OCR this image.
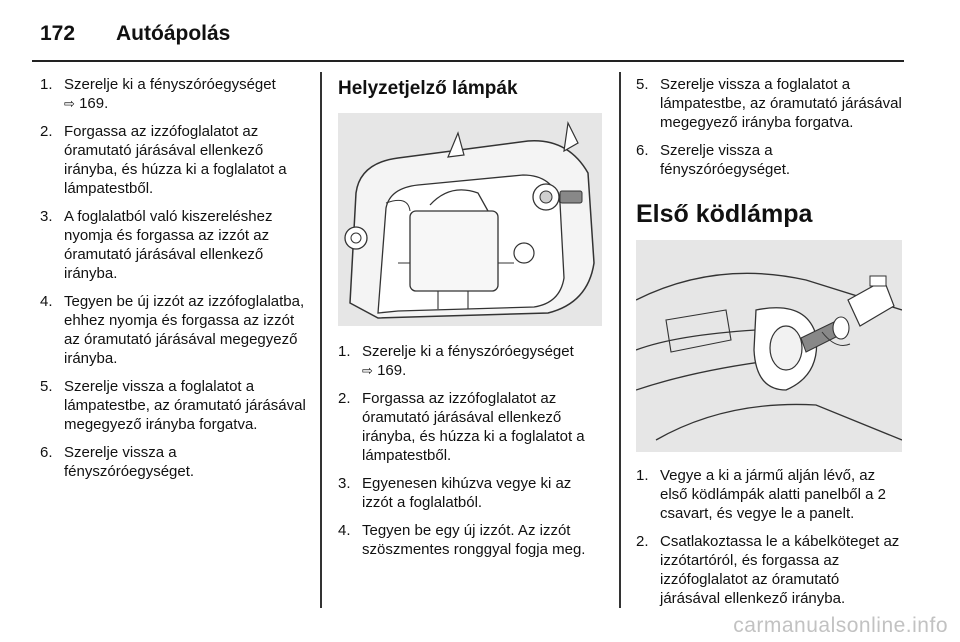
172	Autóápolás
1. Szerelje ki a fényszóróegységet
⇨ 169.
2. Forgassa az izzófoglalatot az óramutató járásával ellenkező irányba, és húzza ki a foglalatot a lámpatestből.
3. A foglalatból való kiszereléshez nyomja és forgassa az izzót az óramutató járásával ellenkező irányba.
4. Tegyen be új izzót az izzófoglalatba, ehhez nyomja és forgassa az izzót az óramutató járásával megegyező irányba.
5. Szerelje vissza a foglalatot a lámpatestbe, az óramutató járásával megegyező irányba forgatva.
6. Szerelje vissza a fényszóróegységet.
Helyzetjelző lámpák
1. Szerelje ki a fényszóróegységet
⇨ 169.
2. Forgassa az izzófoglalatot az óramutató járásával ellenkező irányba, és húzza ki a foglalatot a lámpatestből.
3. Egyenesen kihúzva vegye ki az izzót a foglalatból.
4. Tegyen be egy új izzót. Az izzót szöszmentes ronggyal fogja meg.
5. Szerelje vissza a foglalatot a lámpatestbe, az óramutató járásával megegyező irányba forgatva.
6. Szerelje vissza a fényszóróegységet.
Első ködlámpa
1. Vegye a ki a jármű alján lévő, az első ködlámpák alatti panelből a 2 csavart, és vegye le a panelt.
2. Csatlakoztassa le a kábelköteget az izzótartóról, és forgassa az izzófoglalatot az óramutató járásával ellenkező irányba.
carmanualsonline.info
